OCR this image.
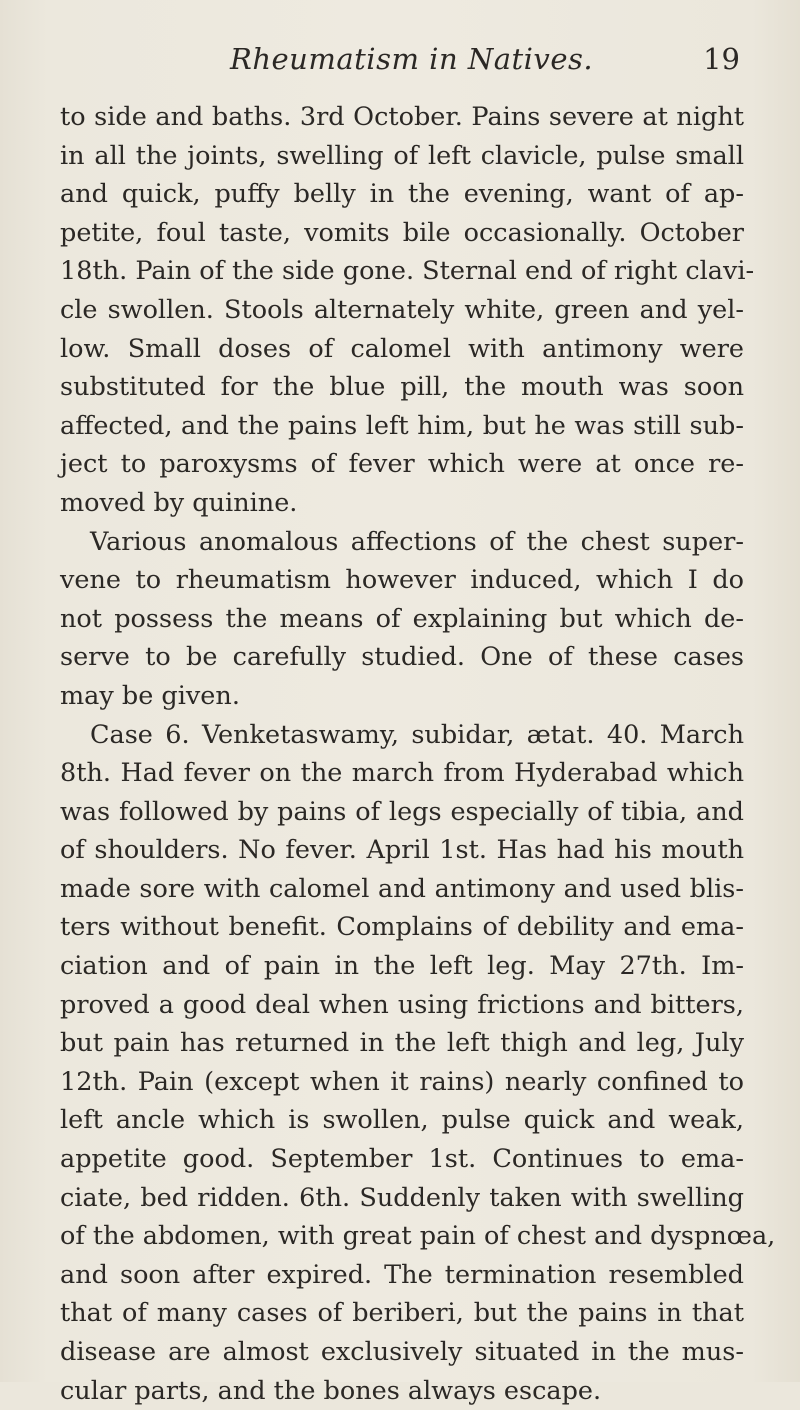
Rheumatism in Natives.	19
to side and baths. 3rd October. Pains severe at night
in all the joints, swelling of left clavicle, pulse small
and quick, puffy belly in the evening, want of ap-
petite, foul taste, vomits bile occasionally. October
18th. Pain of the side gone. Sternal end of right clavi-
cle swollen. Stools alternately white, green and yel-
low. Small doses of calomel with antimony were
substituted for the blue pill, the mouth was soon
affected, and the pains left him, but he was still sub-
ject to paroxysms of fever which were at once re-
moved by quinine.
Various anomalous affections of the chest super-
vene to rheumatism however induced, which I do
not possess the means of explaining but which de-
serve to be carefully studied. One of these cases
may be given.
Case 6. Venketaswamy, subidar, ætat. 40. March
8th. Had fever on the march from Hyderabad which
was followed by pains of legs especially of tibia, and
of shoulders. No fever. April 1st. Has had his mouth
made sore with calomel and antimony and used blis-
ters without benefit. Complains of debility and ema-
ciation and of pain in the left leg. May 27th. Im-
proved a good deal when using frictions and bitters,
but pain has returned in the left thigh and leg, July
12th. Pain (except when it rains) nearly confined to
left ancle which is swollen, pulse quick and weak,
appetite good. September 1st. Continues to ema-
ciate, bed ridden. 6th. Suddenly taken with swelling
of the abdomen, with great pain of chest and dyspnœa,
and soon after expired. The termination resembled
that of many cases of beriberi, but the pains in that
disease are almost exclusively situated in the mus-
cular parts, and the bones always escape.
